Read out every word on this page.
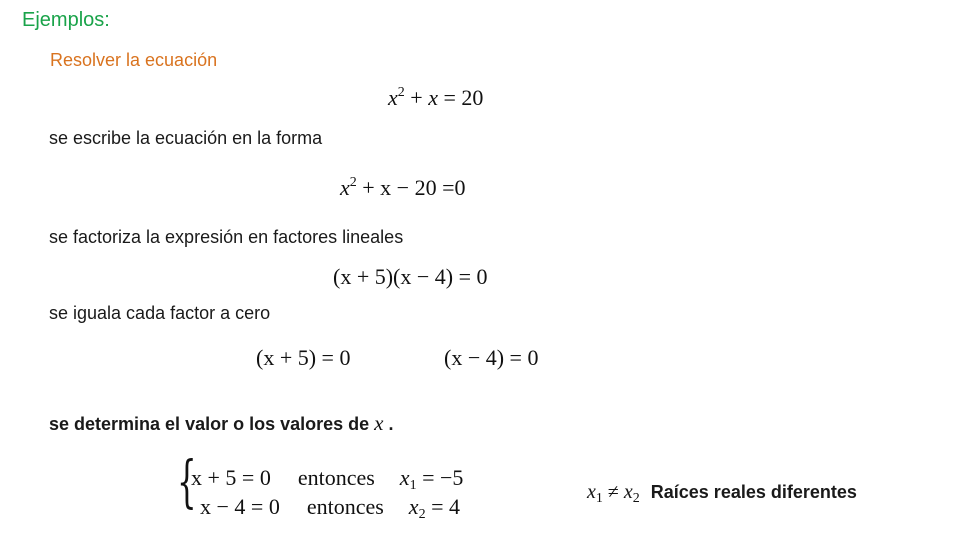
Ejemplos:
Resolver la ecuación
$x^2 + x = 20$
se escribe la ecuación en la forma
$x^2 + x - 20 =0$
se factoriza la expresión en factores lineales
(x + 5)(x − 4) = 0
se iguala cada factor a cero
(x + 5) = 0	(x − 4) = 0
se determina el valor o los valores de x .
{
x + 5 = 0 entonces $x_1 = -5$
x − 4 = 0 entonces $x_2 = 4$
$x_1 \ne x_2$ Raíces reales diferentes
